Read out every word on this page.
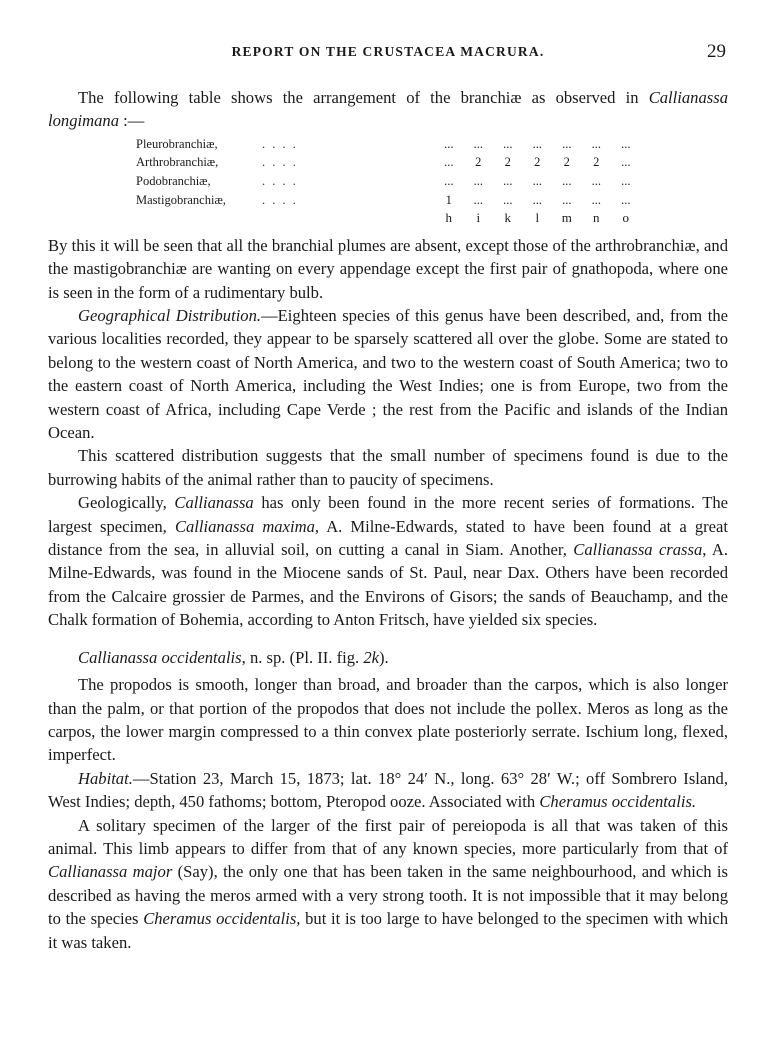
REPORT ON THE CRUSTACEA MACRURA.	29

The following table shows the arrangement of the branchiæ as observed in Callianassa longimana :—

Pleurobranchiæ,	. . . .	...	...	...	...	...	...	...
Arthrobranchiæ,	. . . .	...	2	2	2	2	2	...
Podobranchiæ,	. . . .	...	...	...	...	...	...	...
Mastigobranchiæ,	. . . .	1	...	...	...	...	...	...
		h	i	k	l	m	n	o

By this it will be seen that all the branchial plumes are absent, except those of the arthrobranchiæ, and the mastigobranchiæ are wanting on every appendage except the first pair of gnathopoda, where one is seen in the form of a rudimentary bulb.

Geographical Distribution.—Eighteen species of this genus have been described, and, from the various localities recorded, they appear to be sparsely scattered all over the globe. Some are stated to belong to the western coast of North America, and two to the western coast of South America; two to the eastern coast of North America, including the West Indies; one is from Europe, two from the western coast of Africa, including Cape Verde ; the rest from the Pacific and islands of the Indian Ocean.

This scattered distribution suggests that the small number of specimens found is due to the burrowing habits of the animal rather than to paucity of specimens.

Geologically, Callianassa has only been found in the more recent series of formations. The largest specimen, Callianassa maxima, A. Milne-Edwards, stated to have been found at a great distance from the sea, in alluvial soil, on cutting a canal in Siam. Another, Callianassa crassa, A. Milne-Edwards, was found in the Miocene sands of St. Paul, near Dax. Others have been recorded from the Calcaire grossier de Parmes, and the Environs of Gisors; the sands of Beauchamp, and the Chalk formation of Bohemia, according to Anton Fritsch, have yielded six species.

Callianassa occidentalis, n. sp. (Pl. II. fig. 2k).

The propodos is smooth, longer than broad, and broader than the carpos, which is also longer than the palm, or that portion of the propodos that does not include the pollex. Meros as long as the carpos, the lower margin compressed to a thin convex plate posteriorly serrate. Ischium long, flexed, imperfect.

Habitat.—Station 23, March 15, 1873; lat. 18° 24′ N., long. 63° 28′ W.; off Sombrero Island, West Indies; depth, 450 fathoms; bottom, Pteropod ooze. Associated with Cheramus occidentalis.

A solitary specimen of the larger of the first pair of pereiopoda is all that was taken of this animal. This limb appears to differ from that of any known species, more particularly from that of Callianassa major (Say), the only one that has been taken in the same neighbourhood, and which is described as having the meros armed with a very strong tooth. It is not impossible that it may belong to the species Cheramus occidentalis, but it is too large to have belonged to the specimen with which it was taken.
